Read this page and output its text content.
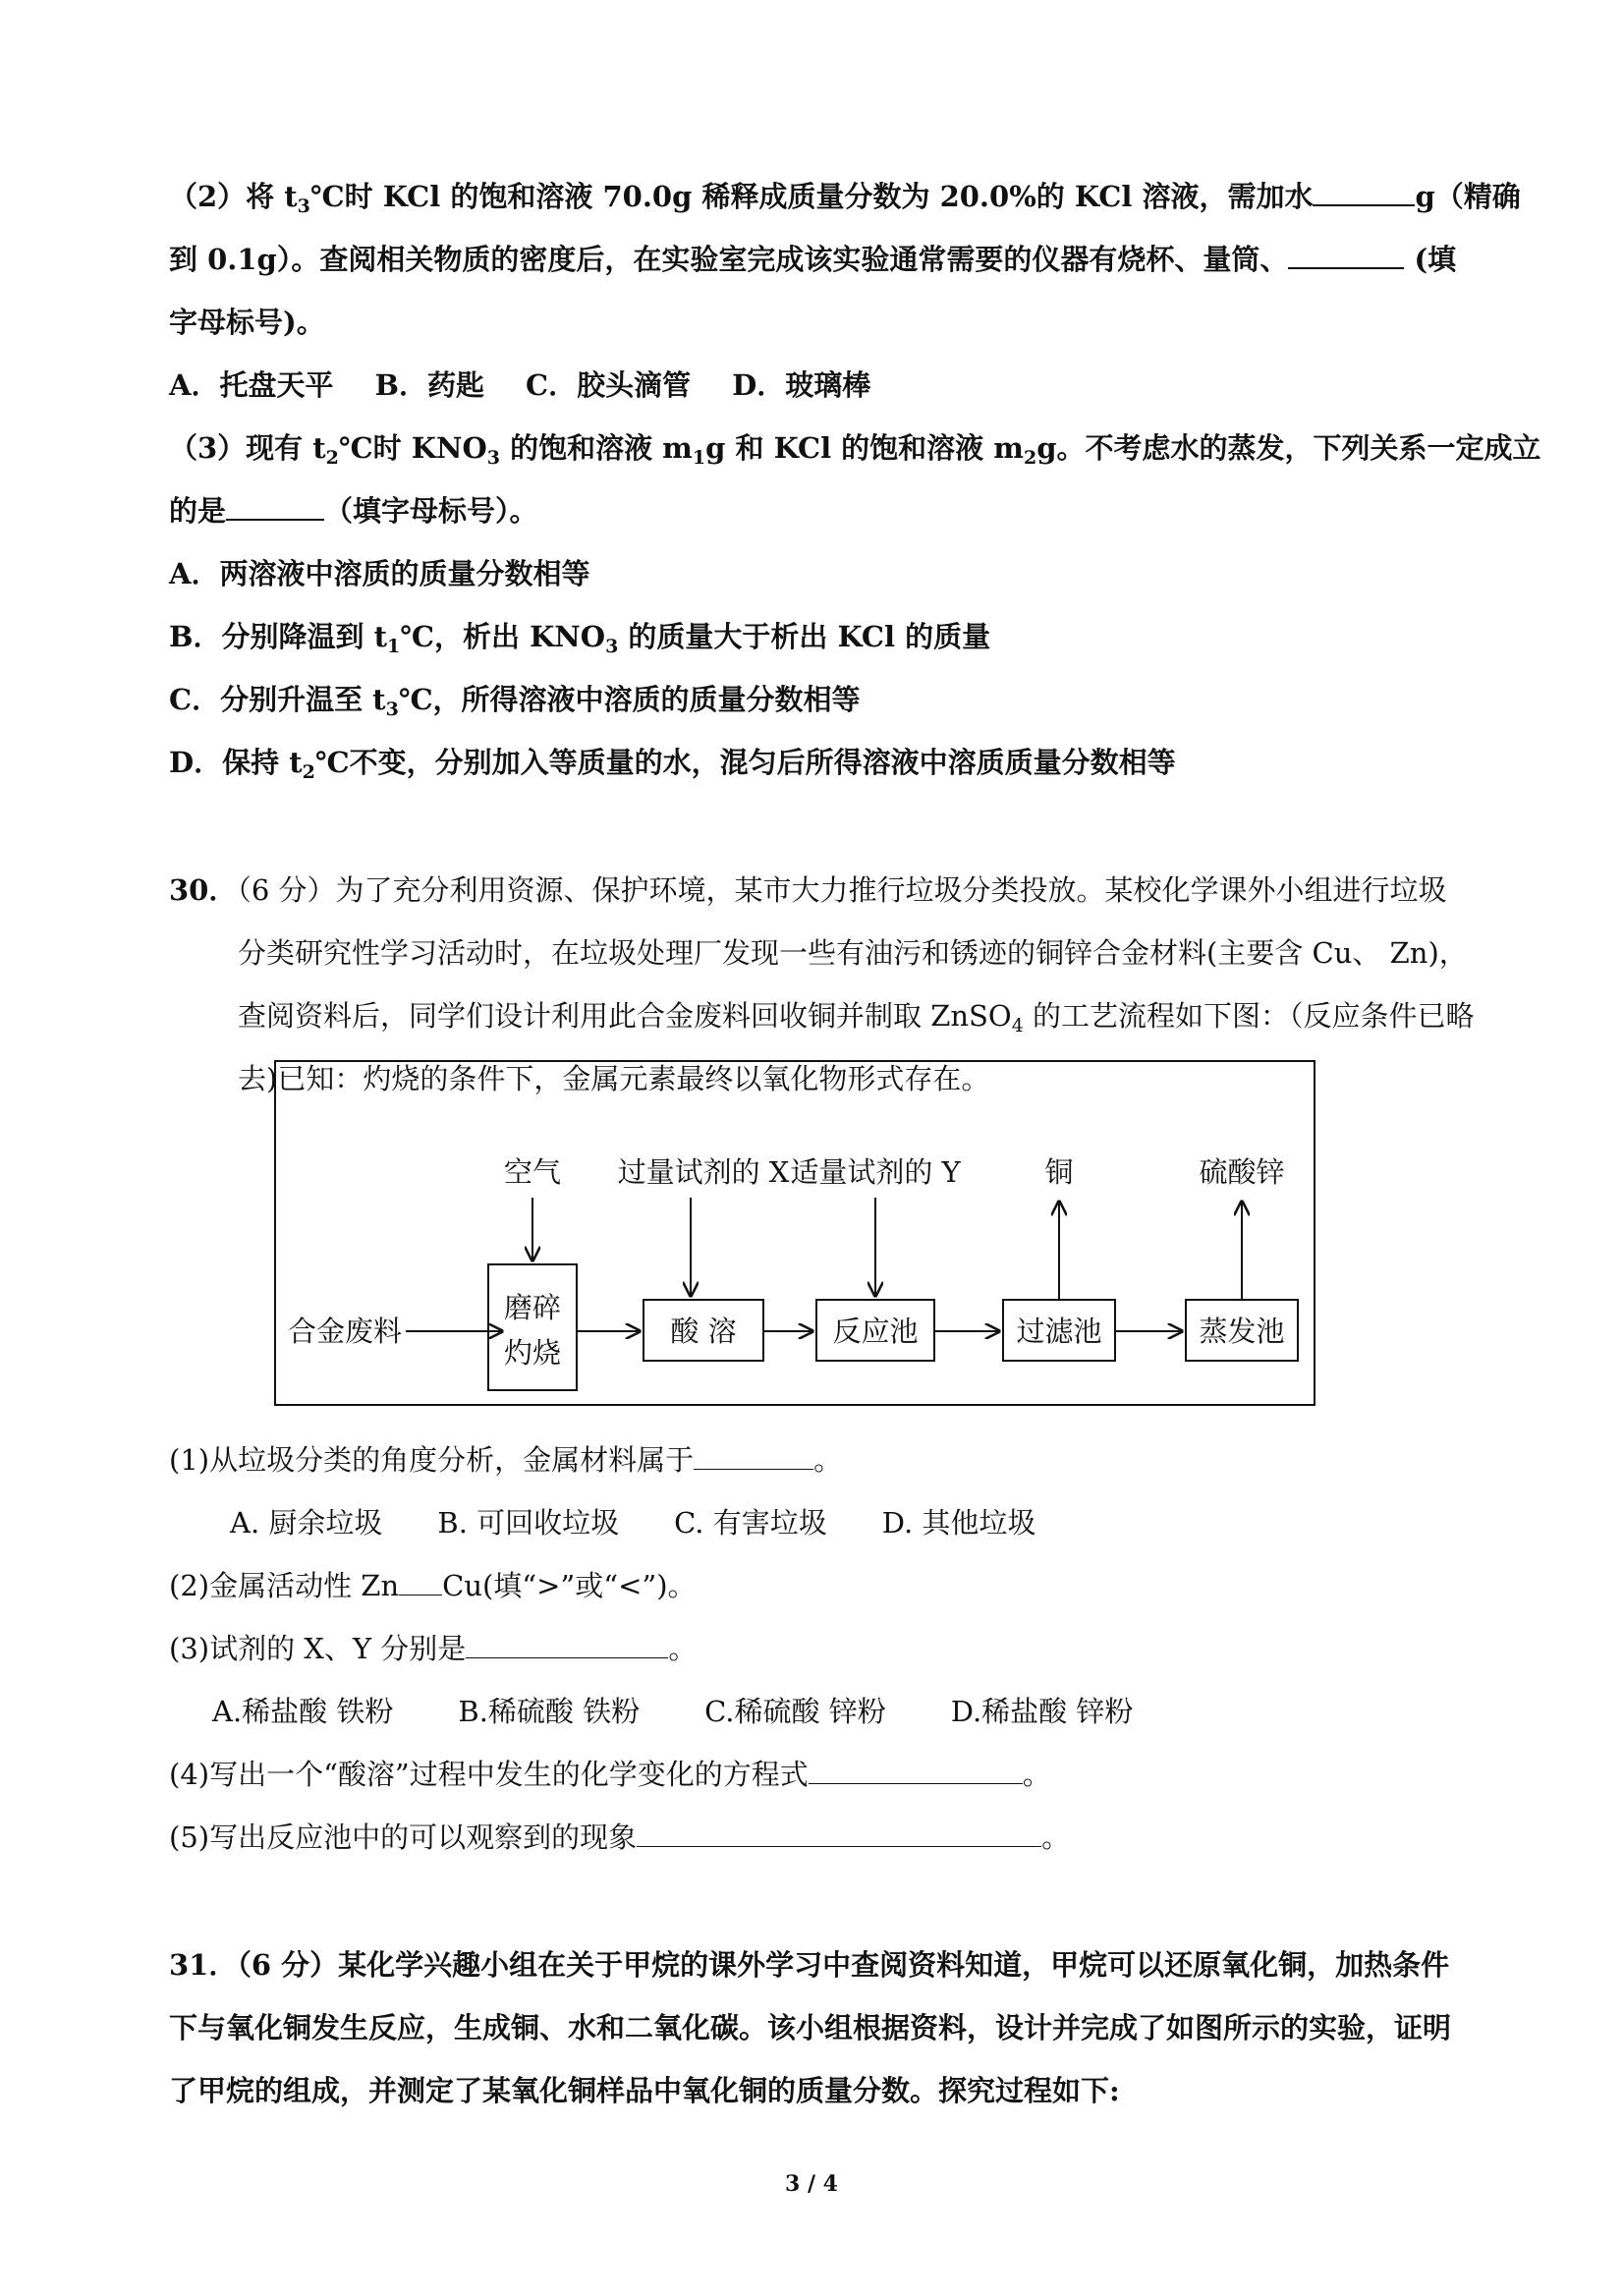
（2）将 $t_3℃$时 KCl 的饱和溶液 70.0g 稀释成质量分数为 20.0%的 KCl 溶液，需加水	g（精确
到 0.1g）。查阅相关物质的密度后，在实验室完成该实验通常需要的仪器有烧杯、量筒、	(填
字母标号)。
A．托盘天平 B．药匙 C．胶头滴管 D．玻璃棒
（3）现有 $t_2℃$时 $KNO_3$ 的饱和溶液 $m_1g$ 和 KCl 的饱和溶液 $m_2g$。不考虑水的蒸发，下列关系一定成立
的是	（填字母标号）。
A．两溶液中溶质的质量分数相等
B．分别降温到 $t_1℃$，析出 $KNO_3$ 的质量大于析出 KCl 的质量
C．分别升温至 $t_3℃$，所得溶液中溶质的质量分数相等
D．保持 $t_2℃$不变，分别加入等质量的水，混匀后所得溶液中溶质质量分数相等
30．（6 分）为了充分利用资源、保护环境，某市大力推行垃圾分类投放。某校化学课外小组进行垃圾
分类研究性学习活动时，在垃圾处理厂发现一些有油污和锈迹的铜锌合金材料(主要含 Cu、 Zn)，
查阅资料后，同学们设计利用此合金废料回收铜并制取 ZnSO$_4$ 的工艺流程如下图：（反应条件已略
去)已知：灼烧的条件下，金属元素最终以氧化物形式存在。
合金废料
磨碎
灼烧
空气
酸 溶
过量试剂的 X
反应池
适量试剂的 Y
过滤池
铜
蒸发池
硫酸锌
(1)从垃圾分类的角度分析，金属材料属于	。
A. 厨余垃圾 B. 可回收垃圾 C. 有害垃圾 D. 其他垃圾
(2)金属活动性 Zn Cu(填“>”或“<”)。
(3)试剂的 X、Y 分别是	。
A.稀盐酸 铁粉 B.稀硫酸 铁粉 C.稀硫酸 锌粉 D.稀盐酸 锌粉
(4)写出一个“酸溶”过程中发生的化学变化的方程式	。
(5)写出反应池中的可以观察到的现象	。
31．（6 分）某化学兴趣小组在关于甲烷的课外学习中查阅资料知道，甲烷可以还原氧化铜，加热条件
下与氧化铜发生反应，生成铜、水和二氧化碳。该小组根据资料，设计并完成了如图所示的实验，证明
了甲烷的组成，并测定了某氧化铜样品中氧化铜的质量分数。探究过程如下:
3 / 4
